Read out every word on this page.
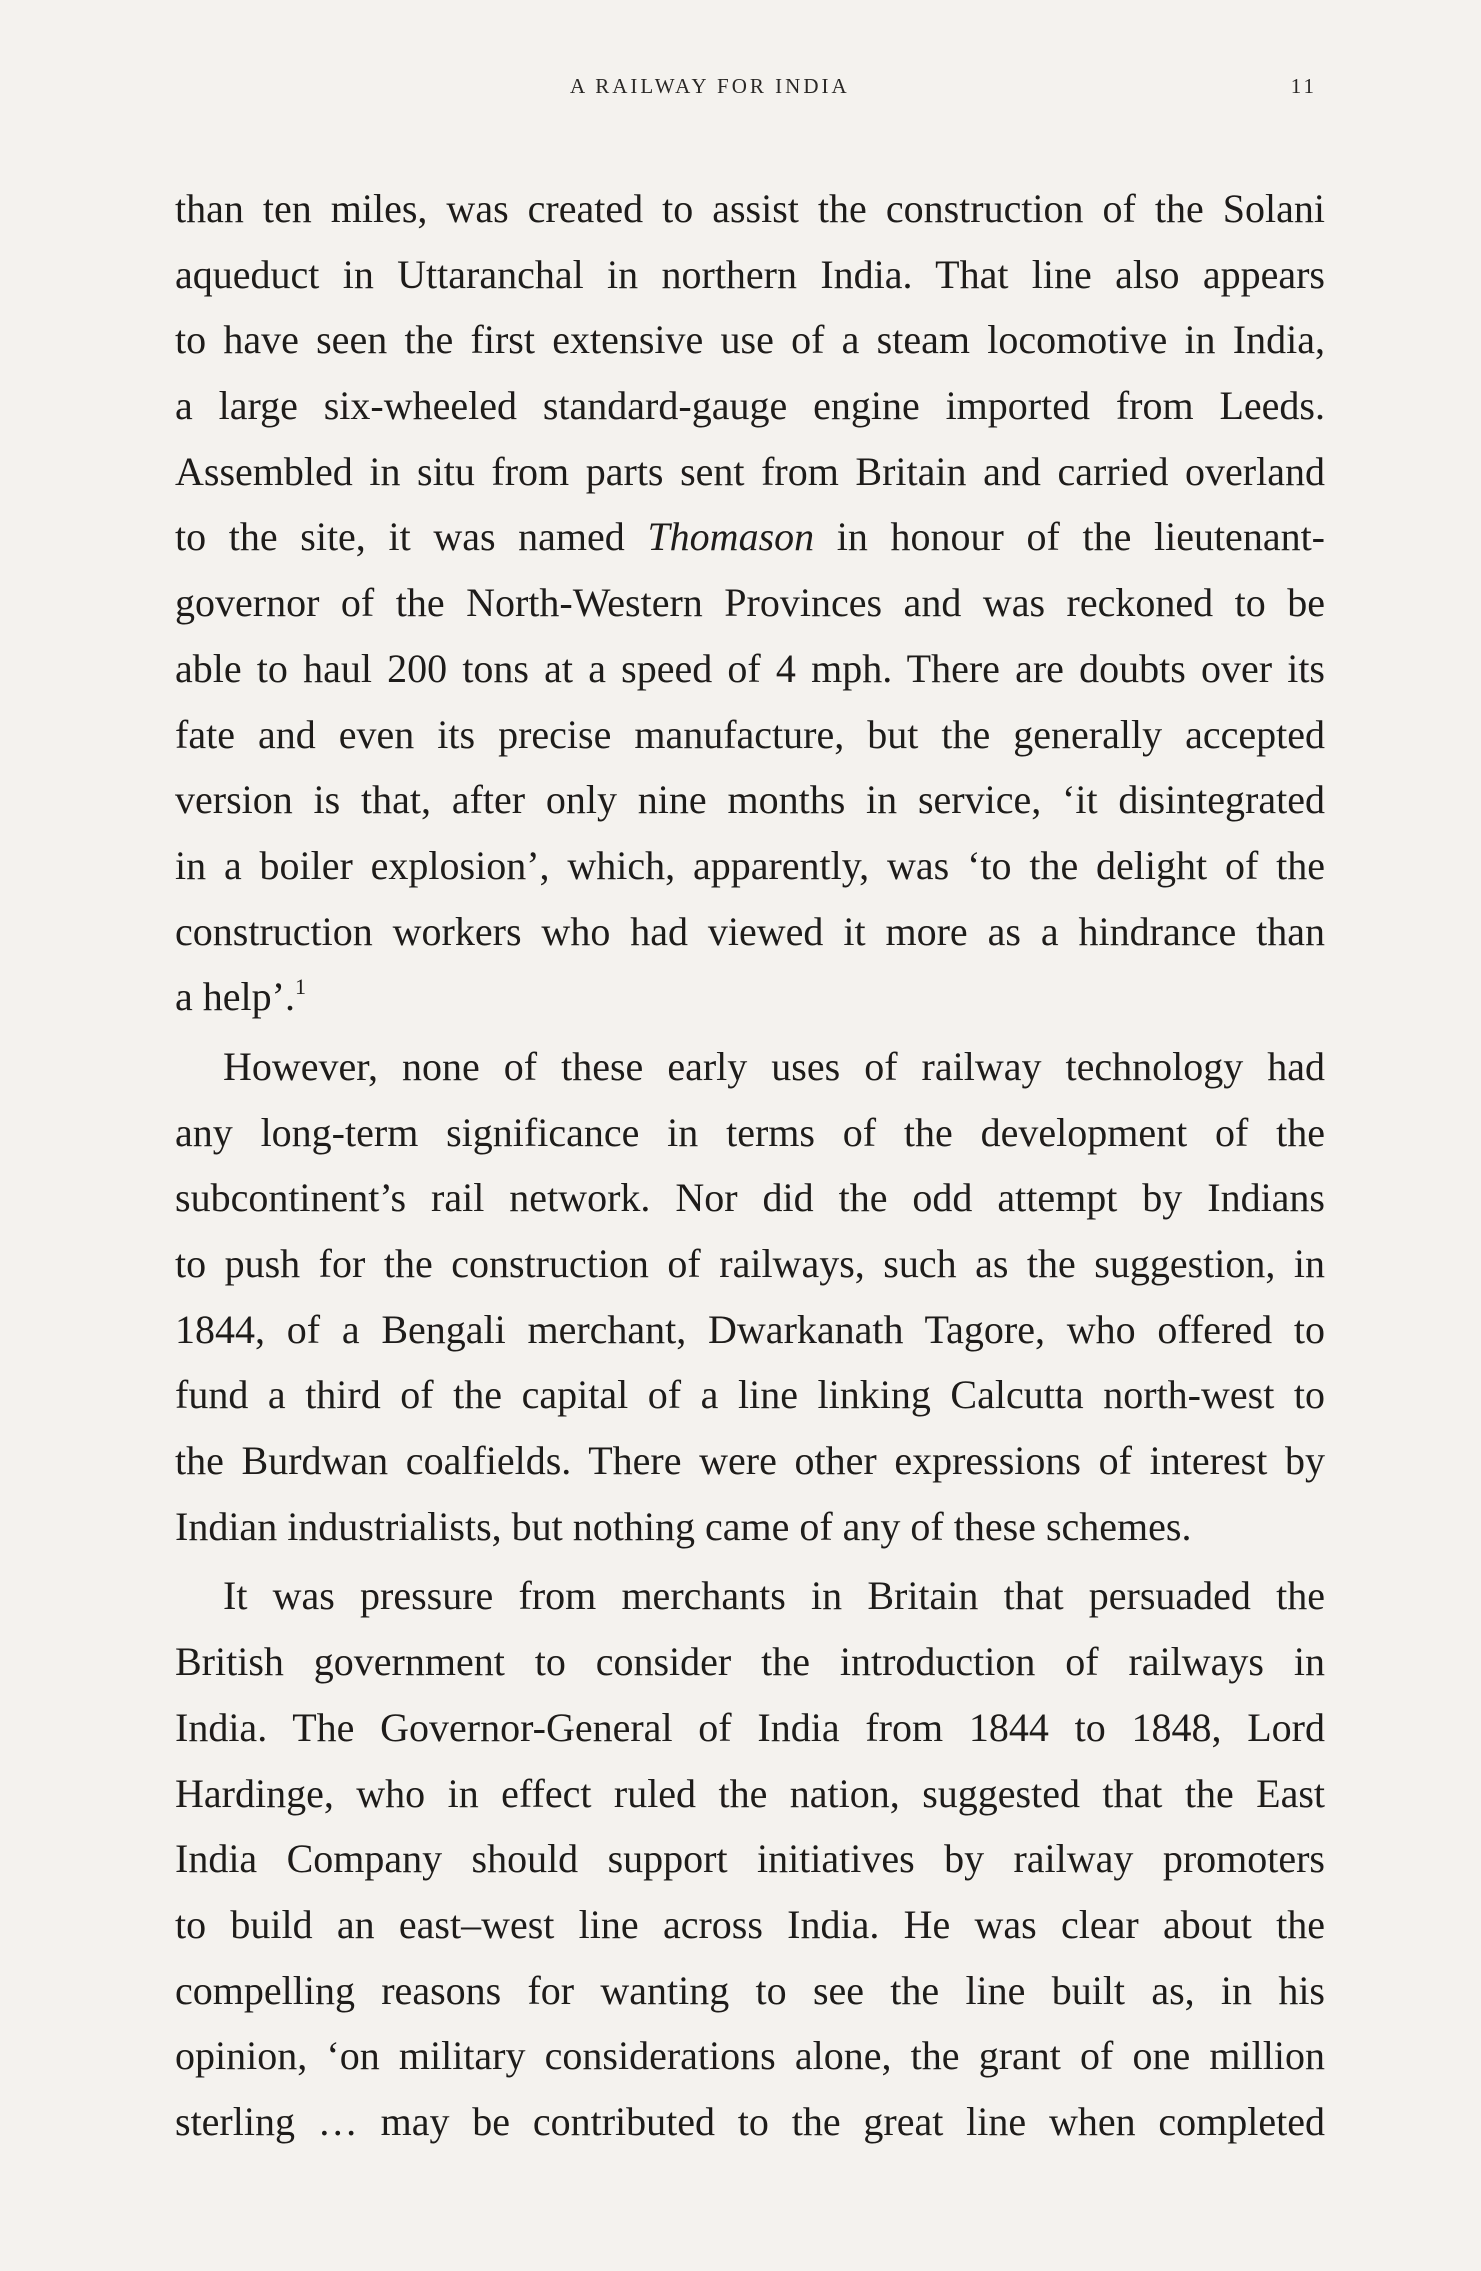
A RAILWAY FOR INDIA	11
than ten miles, was created to assist the construction of the Solani
aqueduct in Uttaranchal in northern India. That line also appears
to have seen the first extensive use of a steam locomotive in India,
a large six-wheeled standard-gauge engine imported from Leeds.
Assembled in situ from parts sent from Britain and carried overland
to the site, it was named Thomason in honour of the lieutenant-
governor of the North-Western Provinces and was reckoned to be
able to haul 200 tons at a speed of 4 mph. There are doubts over its
fate and even its precise manufacture, but the generally accepted
version is that, after only nine months in service, ‘it disintegrated
in a boiler explosion’, which, apparently, was ‘to the delight of the
construction workers who had viewed it more as a hindrance than
a help’.$^1$
However, none of these early uses of railway technology had
any long-term significance in terms of the development of the
subcontinent’s rail network. Nor did the odd attempt by Indians
to push for the construction of railways, such as the suggestion, in
1844, of a Bengali merchant, Dwarkanath Tagore, who offered to
fund a third of the capital of a line linking Calcutta north-west to
the Burdwan coalfields. There were other expressions of interest by
Indian industrialists, but nothing came of any of these schemes.
It was pressure from merchants in Britain that persuaded the
British government to consider the introduction of railways in
India. The Governor-General of India from 1844 to 1848, Lord
Hardinge, who in effect ruled the nation, suggested that the East
India Company should support initiatives by railway promoters
to build an east–west line across India. He was clear about the
compelling reasons for wanting to see the line built as, in his
opinion, ‘on military considerations alone, the grant of one million
sterling … may be contributed to the great line when completed
